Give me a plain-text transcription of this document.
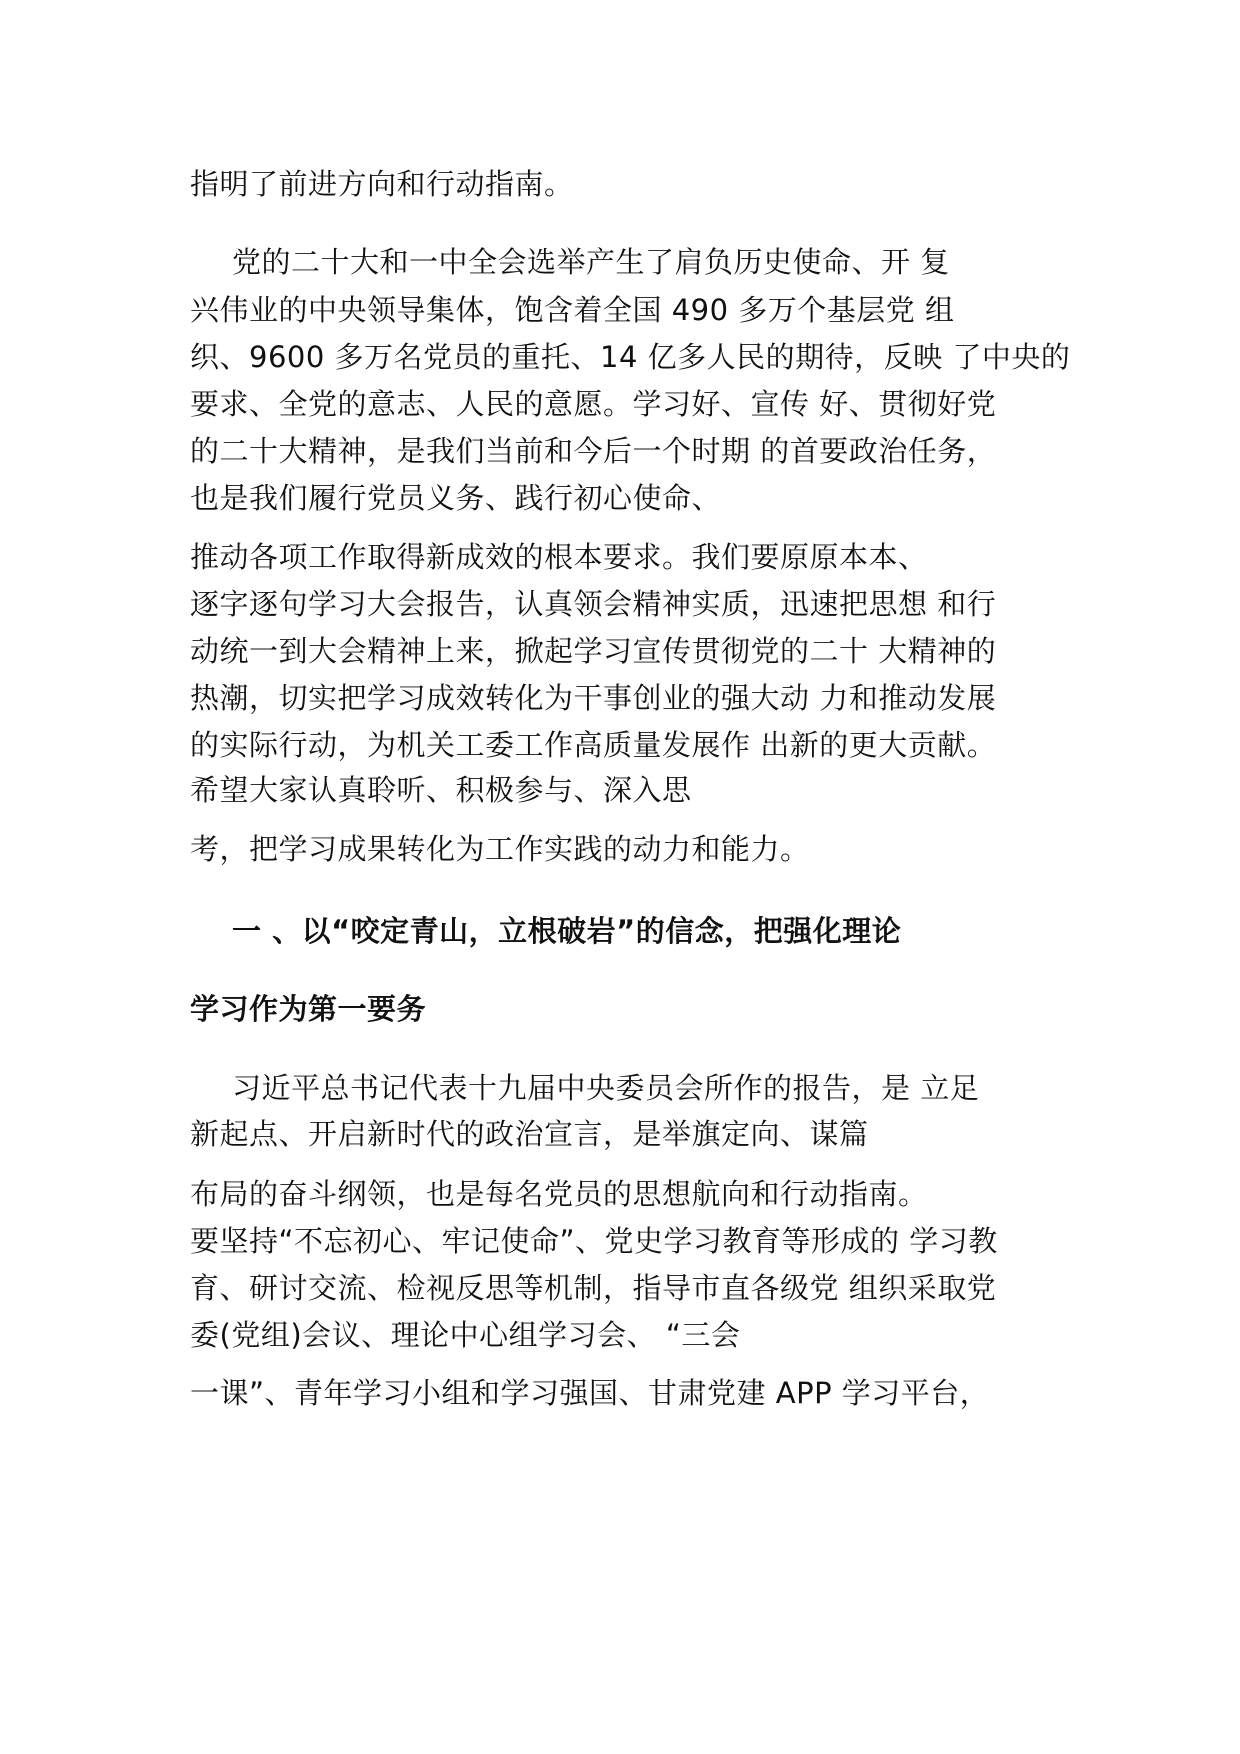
指明了前进方向和行动指南。
党的二十大和一中全会选举产生了肩负历史使命、开 ￼复
兴伟业的中央领导集体，饱含着全国 490 多万个基层党 组
织、9600 多万名党员的重托、14 亿多人民的期待，反映 了中央的
要求、全党的意志、人民的意愿。学习好、宣传 好、贯彻好党
的二十大精神，是我们当前和今后一个时期 的首要政治任务，
也是我们履行党员义务、践行初心使命、
推动各项工作取得新成效的根本要求。我们要原原本本、
逐字逐句学习大会报告，认真领会精神实质，迅速把思想 和行
动统一到大会精神上来，掀起学习宣传贯彻党的二十 大精神的
热潮，切实把学习成效转化为干事创业的强大动 力和推动发展
的实际行动，为机关工委工作高质量发展作 出新的更大贡献。
希望大家认真聆听、积极参与、深入思
考，把学习成果转化为工作实践的动力和能力。
一 、以“咬定青山，立根破岩”的信念，把强化理论
学习作为第一要务
习近平总书记代表十九届中央委员会所作的报告，是 立足
新起点、开启新时代的政治宣言，是举旗定向、谋篇
布局的奋斗纲领，也是每名党员的思想航向和行动指南。
要坚持“不忘初心、牢记使命”、党史学习教育等形成的 学习教
育、研讨交流、检视反思等机制，指导市直各级党 组织采取党
委(党组)会议、理论中心组学习会、 “三会
一课”、青年学习小组和学习强国、甘肃党建 APP 学习平台，
